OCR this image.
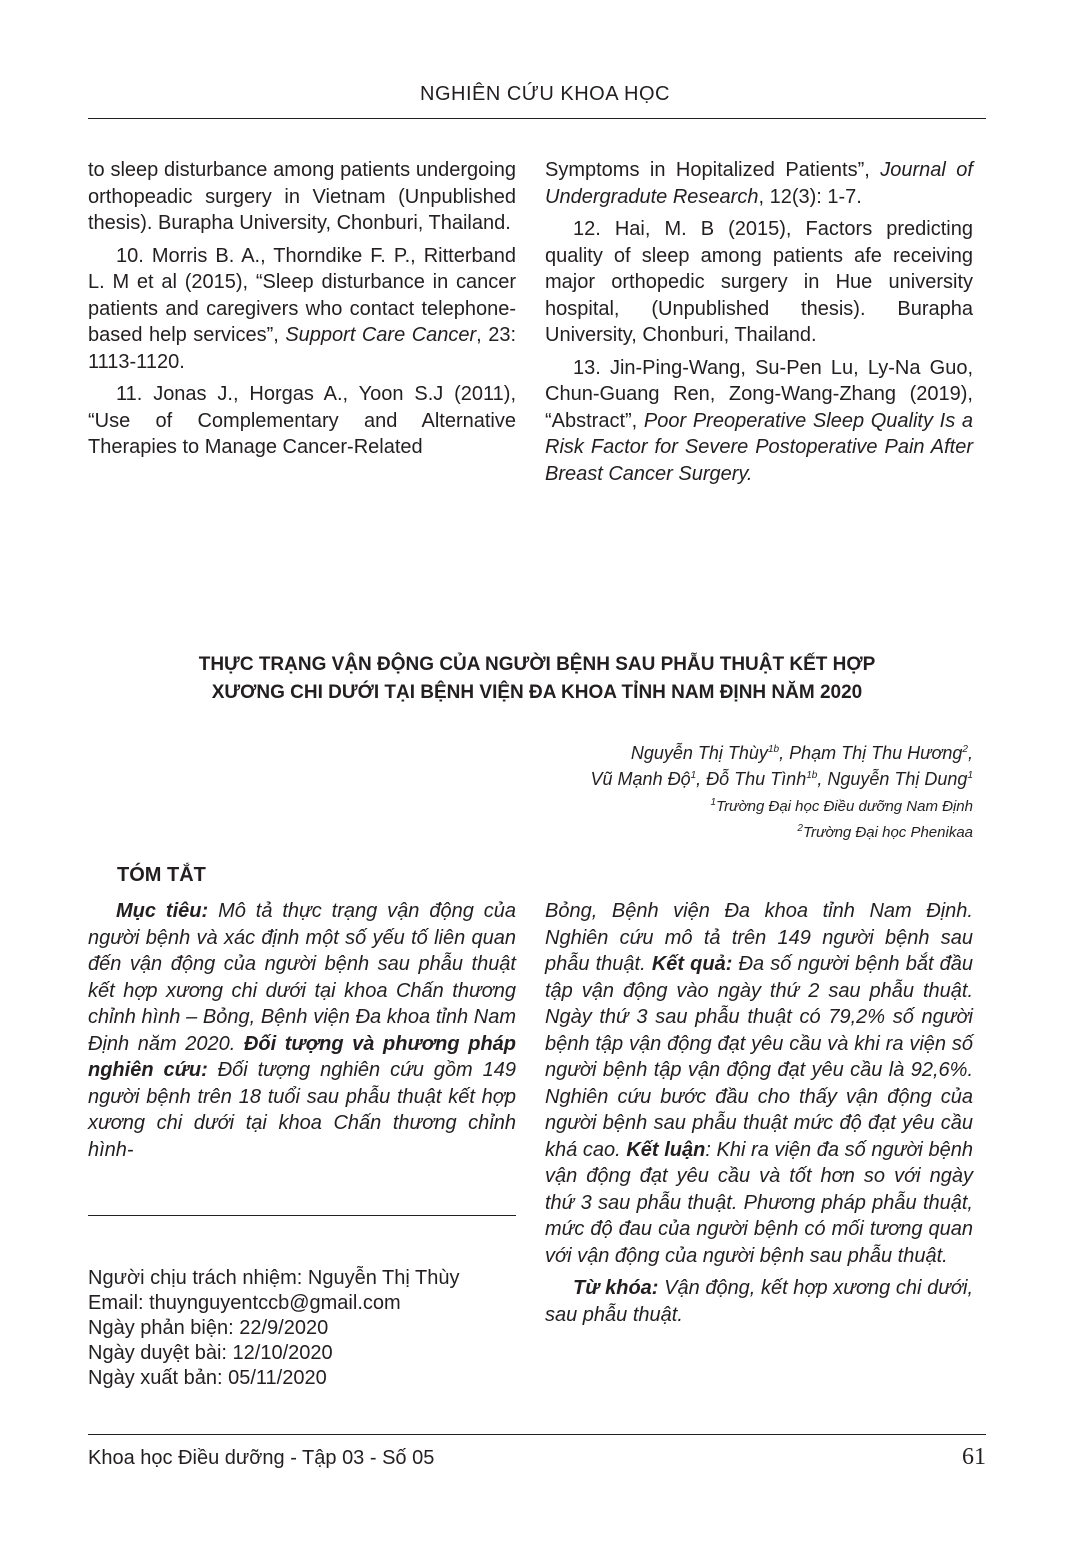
NGHIÊN CỨU KHOA HỌC

to sleep disturbance among patients undergoing orthopeadic surgery in Vietnam (Unpublished thesis). Burapha University, Chonburi, Thailand.

10. Morris B. A., Thorndike F. P., Ritterband L. M et al (2015), “Sleep disturbance in cancer patients and caregivers who contact telephone-based help services”, Support Care Cancer, 23: 1113-1120.

11. Jonas J., Horgas A., Yoon S.J (2011), “Use of Complementary and Alternative Therapies to Manage Cancer-Related

Symptoms in Hopitalized Patients”, Journal of Undergradute Research, 12(3): 1-7.

12. Hai, M. B (2015), Factors predicting quality of sleep among patients afe receiving major orthopedic surgery in Hue university hospital, (Unpublished thesis). Burapha University, Chonburi, Thailand.

13. Jin-Ping-Wang, Su-Pen Lu, Ly-Na Guo, Chun-Guang Ren, Zong-Wang-Zhang (2019), “Abstract”, Poor Preoperative Sleep Quality Is a Risk Factor for Severe Postoperative Pain After Breast Cancer Surgery.

THỰC TRẠNG VẬN ĐỘNG CỦA NGƯỜI BỆNH SAU PHẪU THUẬT KẾT HỢP
XƯƠNG CHI DƯỚI TẠI BỆNH VIỆN ĐA KHOA TỈNH NAM ĐỊNH NĂM 2020
Nguyễn Thị Thùy$^{1b}$, Phạm Thị Thu Hương$^2$,
Vũ Mạnh Độ$^1$, Đỗ Thu Tình$^{1b}$, Nguyễn Thị Dung$^1$
$^1$Trường Đại học Điều dưỡng Nam Định
$^2$Trường Đại học Phenikaa
TÓM TẮT

Mục tiêu: Mô tả thực trạng vận động của người bệnh và xác định một số yếu tố liên quan đến vận động của người bệnh sau phẫu thuật kết hợp xương chi dưới tại khoa Chấn thương chỉnh hình – Bỏng, Bệnh viện Đa khoa tỉnh Nam Định năm 2020. Đối tượng và phương pháp nghiên cứu: Đối tượng nghiên cứu gồm 149 người bệnh trên 18 tuổi sau phẫu thuật kết hợp xương chi dưới tại khoa Chấn thương chỉnh hình-

Bỏng, Bệnh viện Đa khoa tỉnh Nam Định. Nghiên cứu mô tả trên 149 người bệnh sau phẫu thuật. Kết quả: Đa số người bệnh bắt đầu tập vận động vào ngày thứ 2 sau phẫu thuật. Ngày thứ 3 sau phẫu thuật có 79,2% số người bệnh tập vận động đạt yêu cầu và khi ra viện số người bệnh tập vận động đạt yêu cầu là 92,6%. Nghiên cứu bước đầu cho thấy vận động của người bệnh sau phẫu thuật mức độ đạt yêu cầu khá cao. Kết luận: Khi ra viện đa số người bệnh vận động đạt yêu cầu và tốt hơn so với ngày thứ 3 sau phẫu thuật. Phương pháp phẫu thuật, mức độ đau của người bệnh có mối tương quan với vận động của người bệnh sau phẫu thuật.

Từ khóa: Vận động, kết hợp xương chi dưới, sau phẫu thuật.

Người chịu trách nhiệm: Nguyễn Thị Thùy
Email: thuynguyentccb@gmail.com
Ngày phản biện: 22/9/2020
Ngày duyệt bài: 12/10/2020
Ngày xuất bản: 05/11/2020
Khoa học Điều dưỡng - Tập 03 - Số 05	61
